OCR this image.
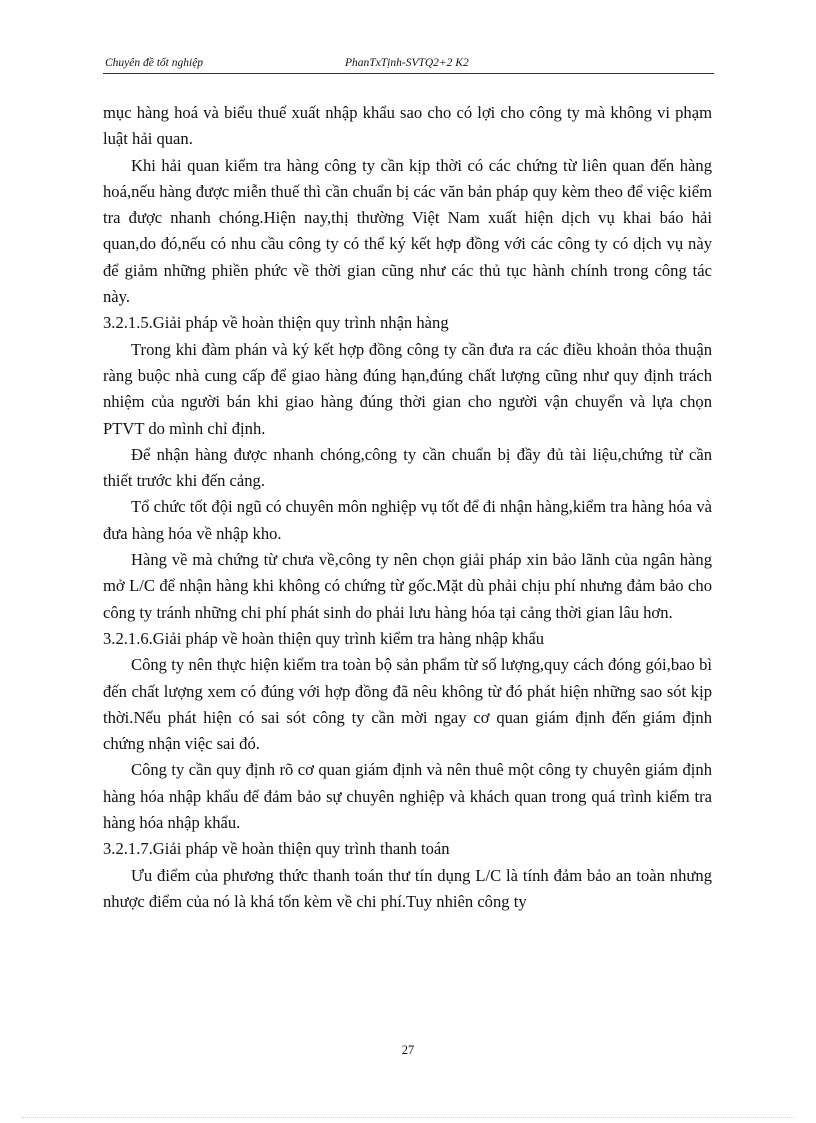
Chuyên đề tốt nghiệp	PhanTxTịnh-SVTQ2+2 K2

mục hàng hoá và biểu thuế xuất nhập khẩu sao cho có lợi cho công ty mà không vi phạm luật hải quan.

Khi hải quan kiểm tra hàng công ty cần kịp thời có các chứng từ liên quan đến hàng hoá,nếu hàng được miễn thuế thì cần chuẩn bị các văn bản pháp quy kèm theo để việc kiểm tra được nhanh chóng.Hiện nay,thị thường Việt Nam xuất hiện dịch vụ khai báo hải quan,do đó,nếu có nhu cầu công ty có thể ký kết hợp đồng với các công ty có dịch vụ này để giảm những phiền phức về thời gian cũng như các thủ tục hành chính trong công tác này.

3.2.1.5.Giải pháp về hoàn thiện quy trình nhận hàng

Trong khi đàm phán và ký kết hợp đồng công ty cần đưa ra các điều khoản thỏa thuận ràng buộc nhà cung cấp để giao hàng đúng hạn,đúng chất lượng cũng như quy định trách nhiệm của người bán khi giao hàng đúng thời gian cho người vận chuyển và lựa chọn PTVT do mình chỉ định.

Để nhận hàng được nhanh chóng,công ty cần chuẩn bị đầy đủ tài liệu,chứng từ cần thiết trước khi đến cảng.

Tổ chức tốt đội ngũ có chuyên môn nghiệp vụ tốt để đi nhận hàng,kiểm tra hàng hóa và đưa hàng hóa về nhập kho.

Hàng về mà chứng từ chưa về,công ty nên chọn giải pháp xin bảo lãnh của ngân hàng mở L/C để nhận hàng khi không có chứng từ gốc.Mặt dù phải chịu phí nhưng đảm bảo cho công ty tránh những chi phí phát sinh do phải lưu hàng hóa tại cảng thời gian lâu hơn.

3.2.1.6.Giải pháp về hoàn thiện quy trình kiểm tra hàng nhập khẩu

Công ty nên thực hiện kiểm tra toàn bộ sản phẩm từ số lượng,quy cách đóng gói,bao bì đến chất lượng xem có đúng với hợp đồng đã nêu không từ đó phát hiện những sao sót kịp thời.Nếu phát hiện có sai sót công ty cần mời ngay cơ quan giám định đến giám định chứng nhận việc sai đó.

Công ty cần quy định rõ cơ quan giám định và nên thuê một công ty chuyên giám định hàng hóa nhập khẩu để đảm bảo sự chuyên nghiệp và khách quan trong quá trình kiểm tra hàng hóa nhập khẩu.

3.2.1.7.Giải pháp về hoàn thiện quy trình thanh toán

Ưu điểm của phương thức thanh toán thư tín dụng L/C là tính đảm bảo an toàn nhưng nhược điểm của nó là khá tốn kèm về chi phí.Tuy nhiên công ty

27
